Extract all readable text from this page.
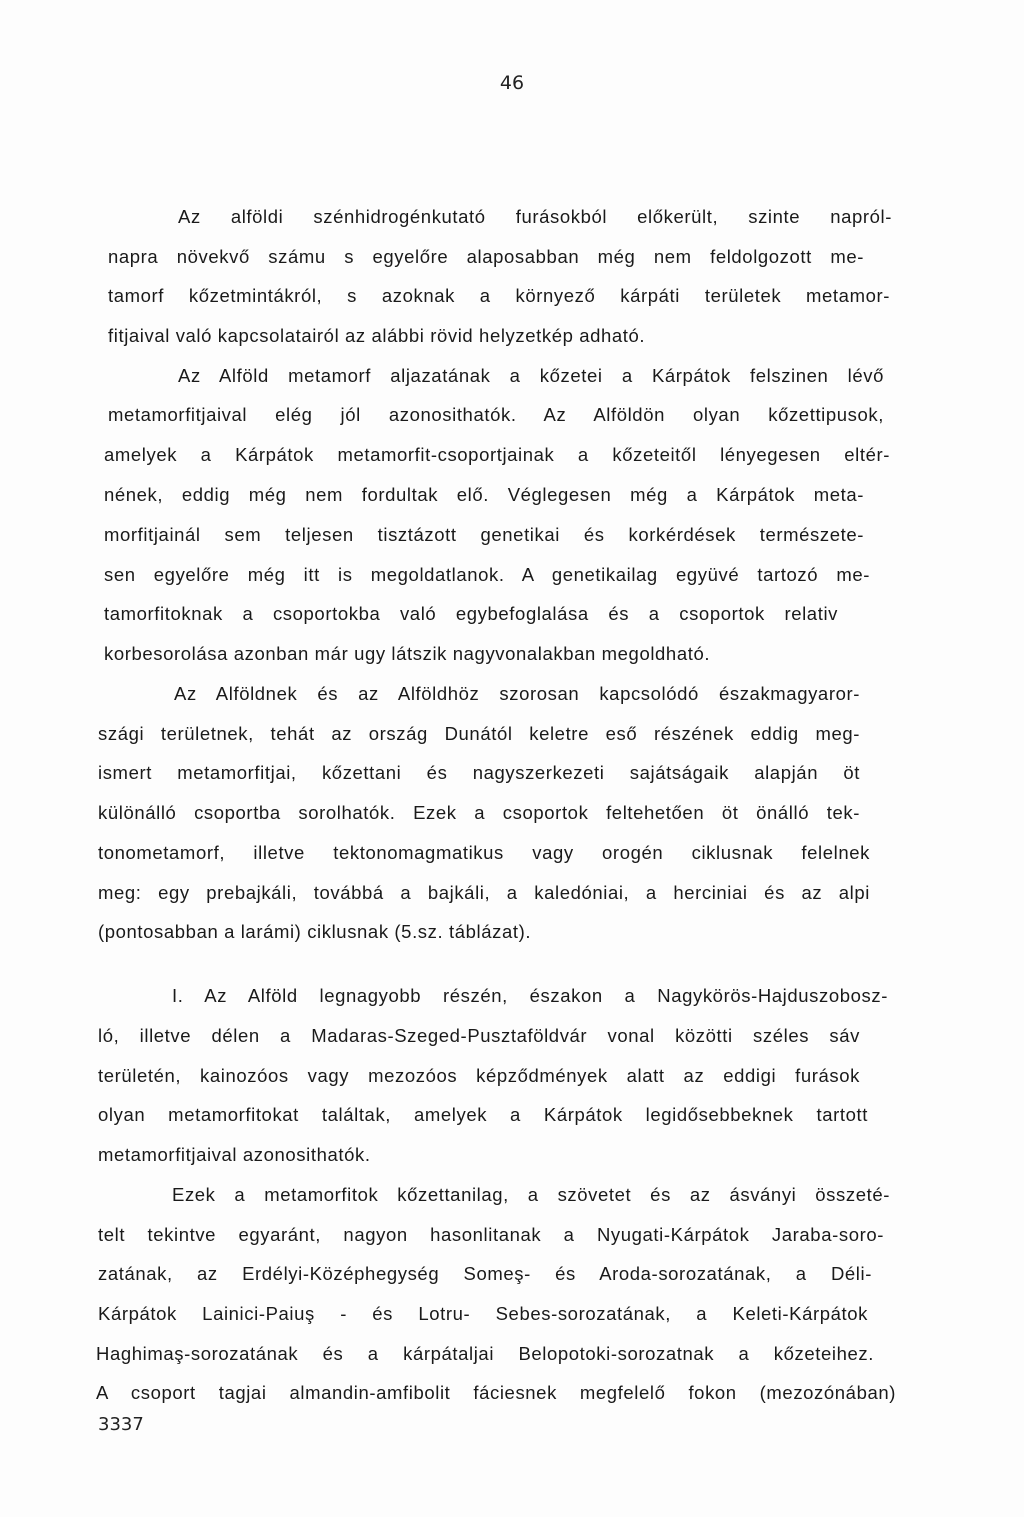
46
Az alföldi szénhidrogénkutató furásokból előkerült, szinte napról-
napra növekvő számu s egyelőre alaposabban még nem feldolgozott me-
tamorf kőzetmintákról, s azoknak a környező kárpáti területek metamor-
fitjaival való kapcsolatairól az alábbi rövid helyzetkép adható.
Az Alföld metamorf aljazatának a kőzetei a Kárpátok felszinen lévő
metamorfitjaival elég jól azonosithatók. Az Alföldön olyan kőzettipusok,
amelyek a Kárpátok metamorfit-csoportjainak a kőzeteitől lényegesen eltér-
nének, eddig még nem fordultak elő. Véglegesen még a Kárpátok meta-
morfitjainál sem teljesen tisztázott genetikai és korkérdések természete-
sen egyelőre még itt is megoldatlanok. A genetikailag együvé tartozó me-
tamorfitoknak a csoportokba való egybefoglalása és a csoportok relativ
korbesorolása azonban már ugy látszik nagyvonalakban megoldható.
Az Alföldnek és az Alföldhöz szorosan kapcsolódó északmagyaror-
szági területnek, tehát az ország Dunától keletre eső részének eddig meg-
ismert metamorfitjai, kőzettani és nagyszerkezeti sajátságaik alapján öt
különálló csoportba sorolhatók. Ezek a csoportok feltehetően öt önálló tek-
tonometamorf, illetve tektonomagmatikus vagy orogén ciklusnak felelnek
meg: egy prebajkáli, továbbá a bajkáli, a kaledóniai, a herciniai és az alpi
(pontosabban a larámi) ciklusnak (5.sz. táblázat).
I. Az Alföld legnagyobb részén, északon a Nagykörös-Hajduszobosz-
ló, illetve délen a Madaras-Szeged-Pusztaföldvár vonal közötti széles sáv
területén, kainozóos vagy mezozóos képződmények alatt az eddigi furások
olyan metamorfitokat találtak, amelyek a Kárpátok legidősebbeknek tartott
metamorfitjaival azonosithatók.
Ezek a metamorfitok kőzettanilag, a szövetet és az ásványi összeté-
telt tekintve egyaránt, nagyon hasonlitanak a Nyugati-Kárpátok Jaraba-soro-
zatának, az Erdélyi-Középhegység Someş- és Aroda-sorozatának, a Déli-
Kárpátok Lainici-Paiuş - és Lotru- Sebes-sorozatának, a Keleti-Kárpátok
Haghimaş-sorozatának és a kárpátaljai Belopotoki-sorozatnak a kőzeteihez.
A csoport tagjai almandin-amfibolit fáciesnek megfelelő fokon (mezozónában)
3337
